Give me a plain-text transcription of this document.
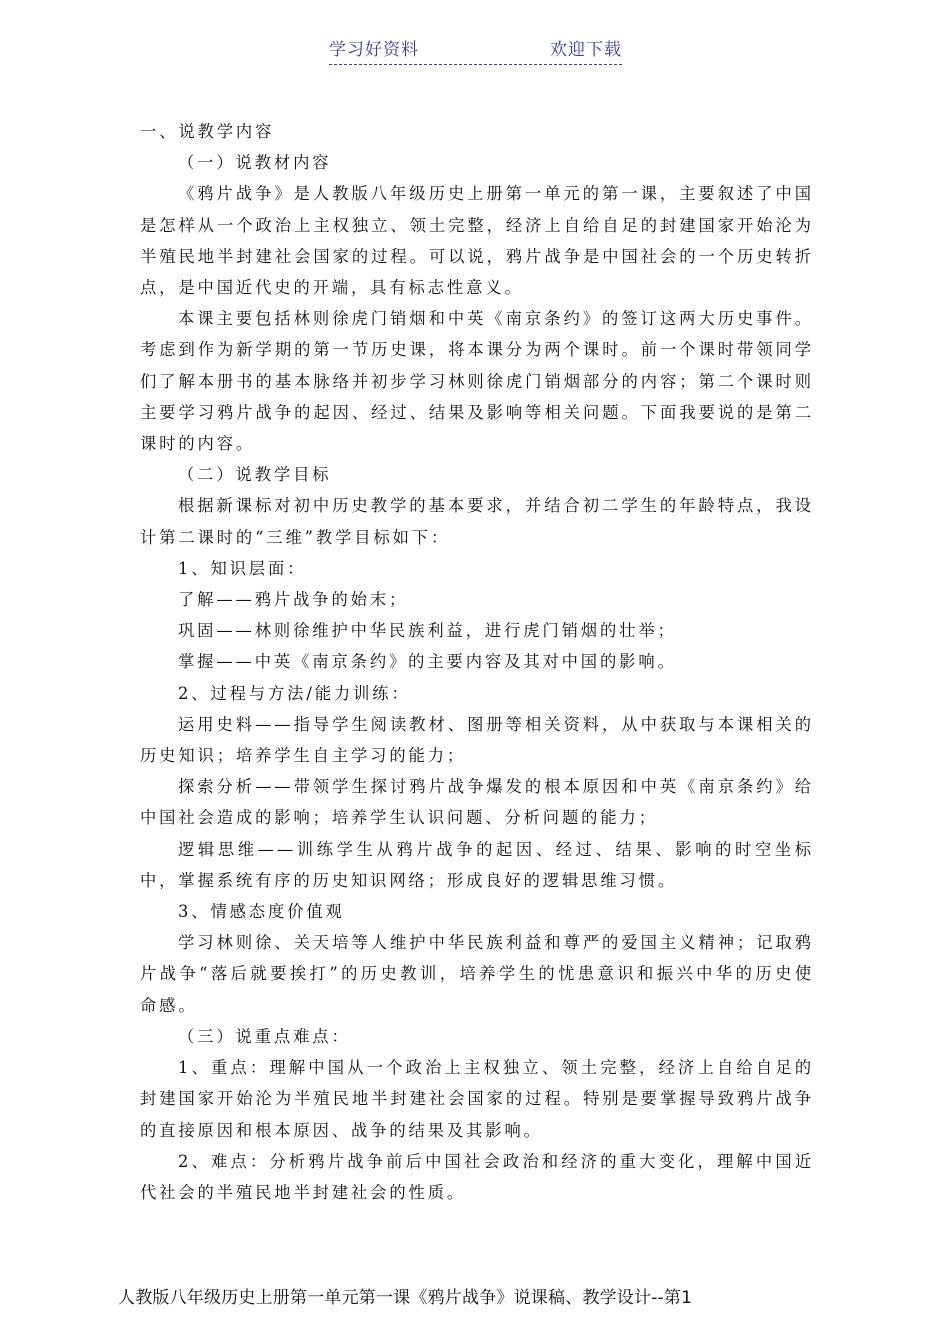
学习好资料	欢迎下载

一、说教学内容

（一）说教材内容

《鸦片战争》是人教版八年级历史上册第一单元的第一课，主要叙述了中国是怎样从一个政治上主权独立、领土完整，经济上自给自足的封建国家开始沦为半殖民地半封建社会国家的过程。可以说，鸦片战争是中国社会的一个历史转折点，是中国近代史的开端，具有标志性意义。

本课主要包括林则徐虎门销烟和中英《南京条约》的签订这两大历史事件。考虑到作为新学期的第一节历史课，将本课分为两个课时。前一个课时带领同学们了解本册书的基本脉络并初步学习林则徐虎门销烟部分的内容；第二个课时则主要学习鸦片战争的起因、经过、结果及影响等相关问题。下面我要说的是第二课时的内容。

（二）说教学目标

根据新课标对初中历史教学的基本要求，并结合初二学生的年龄特点，我设计第二课时的“三维”教学目标如下：

1、知识层面：

了解——鸦片战争的始末；

巩固——林则徐维护中华民族利益，进行虎门销烟的壮举；

掌握——中英《南京条约》的主要内容及其对中国的影响。

2、过程与方法/能力训练：

运用史料——指导学生阅读教材、图册等相关资料，从中获取与本课相关的历史知识；培养学生自主学习的能力；

探索分析——带领学生探讨鸦片战争爆发的根本原因和中英《南京条约》给中国社会造成的影响；培养学生认识问题、分析问题的能力；

逻辑思维——训练学生从鸦片战争的起因、经过、结果、影响的时空坐标中，掌握系统有序的历史知识网络；形成良好的逻辑思维习惯。

3、情感态度价值观

学习林则徐、关天培等人维护中华民族利益和尊严的爱国主义精神；记取鸦片战争“落后就要挨打”的历史教训，培养学生的忧患意识和振兴中华的历史使命感。

（三）说重点难点：

1、重点：理解中国从一个政治上主权独立、领土完整，经济上自给自足的封建国家开始沦为半殖民地半封建社会国家的过程。特别是要掌握导致鸦片战争的直接原因和根本原因、战争的结果及其影响。

2、难点：分析鸦片战争前后中国社会政治和经济的重大变化，理解中国近代社会的半殖民地半封建社会的性质。

人教版八年级历史上册第一单元第一课《鸦片战争》说课稿、教学设计--第1
